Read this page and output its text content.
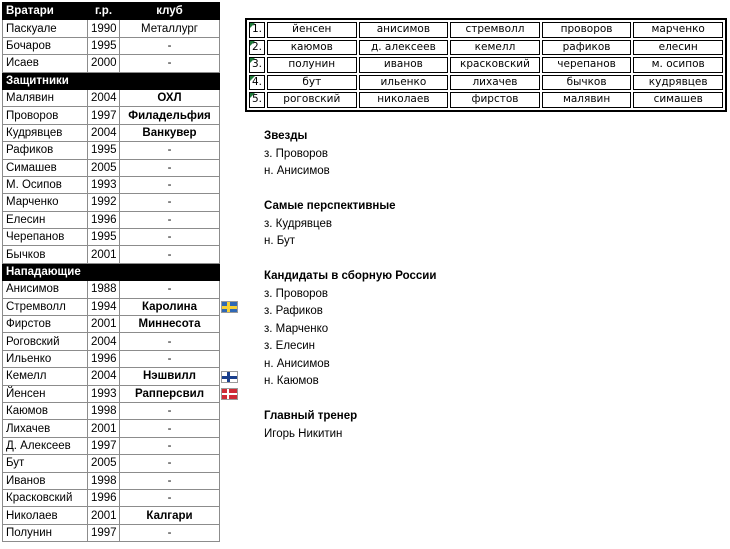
Вратари	г.р.	клуб
Паскуале	1990	Металлург
Бочаров	1995	-
Исаев	2000	-
Защитники		
Малявин	2004	ОХЛ
Проворов	1997	Филадельфия
Кудрявцев	2004	Ванкувер
Рафиков	1995	-
Симашев	2005	-
М. Осипов	1993	-
Марченко	1992	-
Елесин	1996	-
Черепанов	1995	-
Бычков	2001	-
Нападающие		
Анисимов	1988	-
Стремволл	1994	Каролина
Фирстов	2001	Миннесота
Роговский	2004	-
Ильенко	1996	-
Кемелл	2004	Нэшвилл
Йенсен	1993	Рапперсвил
Каюмов	1998	-
Лихачев	2001	-
Д. Алексеев	1997	-
Бут	2005	-
Иванов	1998	-
Красковский	1996	-
Николаев	2001	Калгари
Полунин	1997	-
1.	йенсен	анисимов	стремволл	проворов	марченко
2.	каюмов	д. алексеев	кемелл	рафиков	елесин
3.	полунин	иванов	красковский	черепанов	м. осипов
4.	бут	ильенко	лихачев	бычков	кудрявцев
5.	роговский	николаев	фирстов	малявин	симашев
Звезды
з. Проворов
н. Анисимов
Самые перспективные
з. Кудрявцев
н. Бут
Кандидаты в сборную России
з. Проворов
з. Рафиков
з. Марченко
з. Елесин
н. Анисимов
н. Каюмов
Главный тренер
Игорь Никитин
